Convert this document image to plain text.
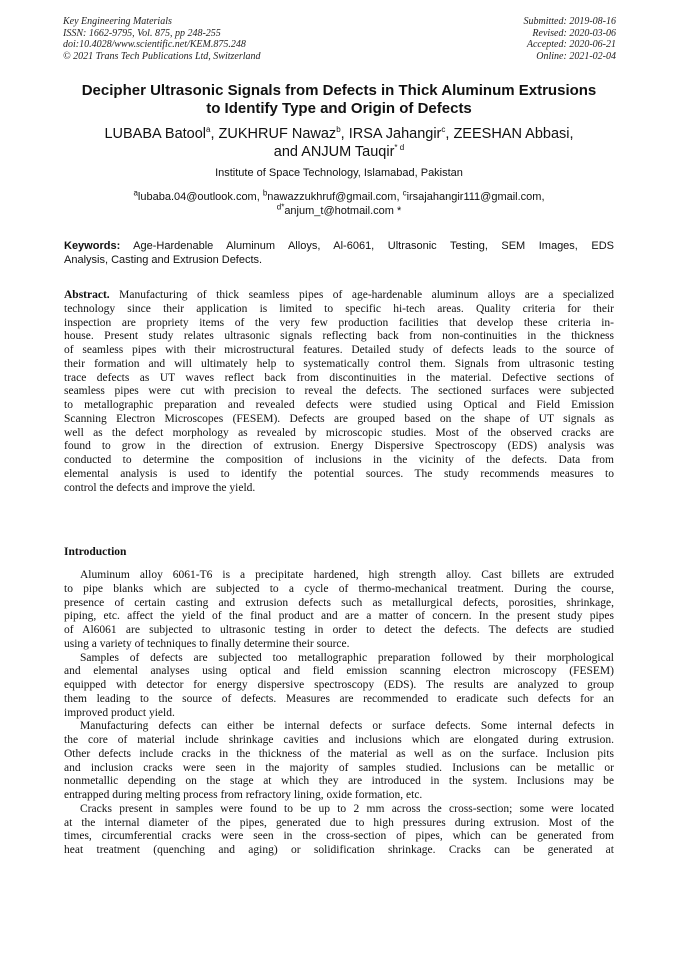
Key Engineering Materials
ISSN: 1662-9795, Vol. 875, pp 248-255
doi:10.4028/www.scientific.net/KEM.875.248
© 2021 Trans Tech Publications Ltd, Switzerland
Submitted: 2019-08-16
Revised: 2020-03-06
Accepted: 2020-06-21
Online: 2021-02-04
Decipher Ultrasonic Signals from Defects in Thick Aluminum Extrusions
to Identify Type and Origin of Defects
LUBABA Batool$^a$, ZUKHRUF Nawaz$^b$, IRSA Jahangir$^c$, ZEESHAN Abbasi,
and ANJUM Tauqir$^{* d}$
Institute of Space Technology, Islamabad, Pakistan
$^a$lubaba.04@outlook.com, $^b$nawazzukhruf@gmail.com, $^c$irsajahangir111@gmail.com,
$^{d*}$anjum_t@hotmail.com *
Keywords: Age-Hardenable Aluminum Alloys, Al-6061, Ultrasonic Testing, SEM Images, EDS
Analysis, Casting and Extrusion Defects.
Abstract. Manufacturing of thick seamless pipes of age-hardenable aluminum alloys are a specialized
technology since their application is limited to specific hi-tech areas. Quality criteria for their
inspection are propriety items of the very few production facilities that develop these criteria in-
house. Present study relates ultrasonic signals reflecting back from non-continuities in the thickness
of seamless pipes with their microstructural features. Detailed study of defects leads to the source of
their formation and will ultimately help to systematically control them. Signals from ultrasonic testing
trace defects as UT waves reflect back from discontinuities in the material. Defective sections of
seamless pipes were cut with precision to reveal the defects. The sectioned surfaces were subjected
to metallographic preparation and revealed defects were studied using Optical and Field Emission
Scanning Electron Microscopes (FESEM). Defects are grouped based on the shape of UT signals as
well as the defect morphology as revealed by microscopic studies. Most of the observed cracks are
found to grow in the direction of extrusion. Energy Dispersive Spectroscopy (EDS) analysis was
conducted to determine the composition of inclusions in the vicinity of the defects. Data from
elemental analysis is used to identify the potential sources. The study recommends measures to
control the defects and improve the yield.
Introduction
Aluminum alloy 6061-T6 is a precipitate hardened, high strength alloy. Cast billets are extruded
to pipe blanks which are subjected to a cycle of thermo-mechanical treatment. During the course,
presence of certain casting and extrusion defects such as metallurgical defects, porosities, shrinkage,
piping, etc. affect the yield of the final product and are a matter of concern. In the present study pipes
of Al6061 are subjected to ultrasonic testing in order to detect the defects. The defects are studied
using a variety of techniques to finally determine their source.
Samples of defects are subjected too metallographic preparation followed by their morphological
and elemental analyses using optical and field emission scanning electron microscopy (FESEM)
equipped with detector for energy dispersive spectroscopy (EDS). The results are analyzed to group
them leading to the source of defects. Measures are recommended to eradicate such defects for an
improved product yield.
Manufacturing defects can either be internal defects or surface defects. Some internal defects in
the core of material include shrinkage cavities and inclusions which are elongated during extrusion.
Other defects include cracks in the thickness of the material as well as on the surface. Inclusion pits
and inclusion cracks were seen in the majority of samples studied. Inclusions can be metallic or
nonmetallic depending on the stage at which they are introduced in the system. Inclusions may be
entrapped during melting process from refractory lining, oxide formation, etc.
Cracks present in samples were found to be up to 2 mm across the cross-section; some were located
at the internal diameter of the pipes, generated due to high pressures during extrusion. Most of the
times, circumferential cracks were seen in the cross-section of pipes, which can be generated from
heat treatment (quenching and aging) or solidification shrinkage. Cracks can be generated at
